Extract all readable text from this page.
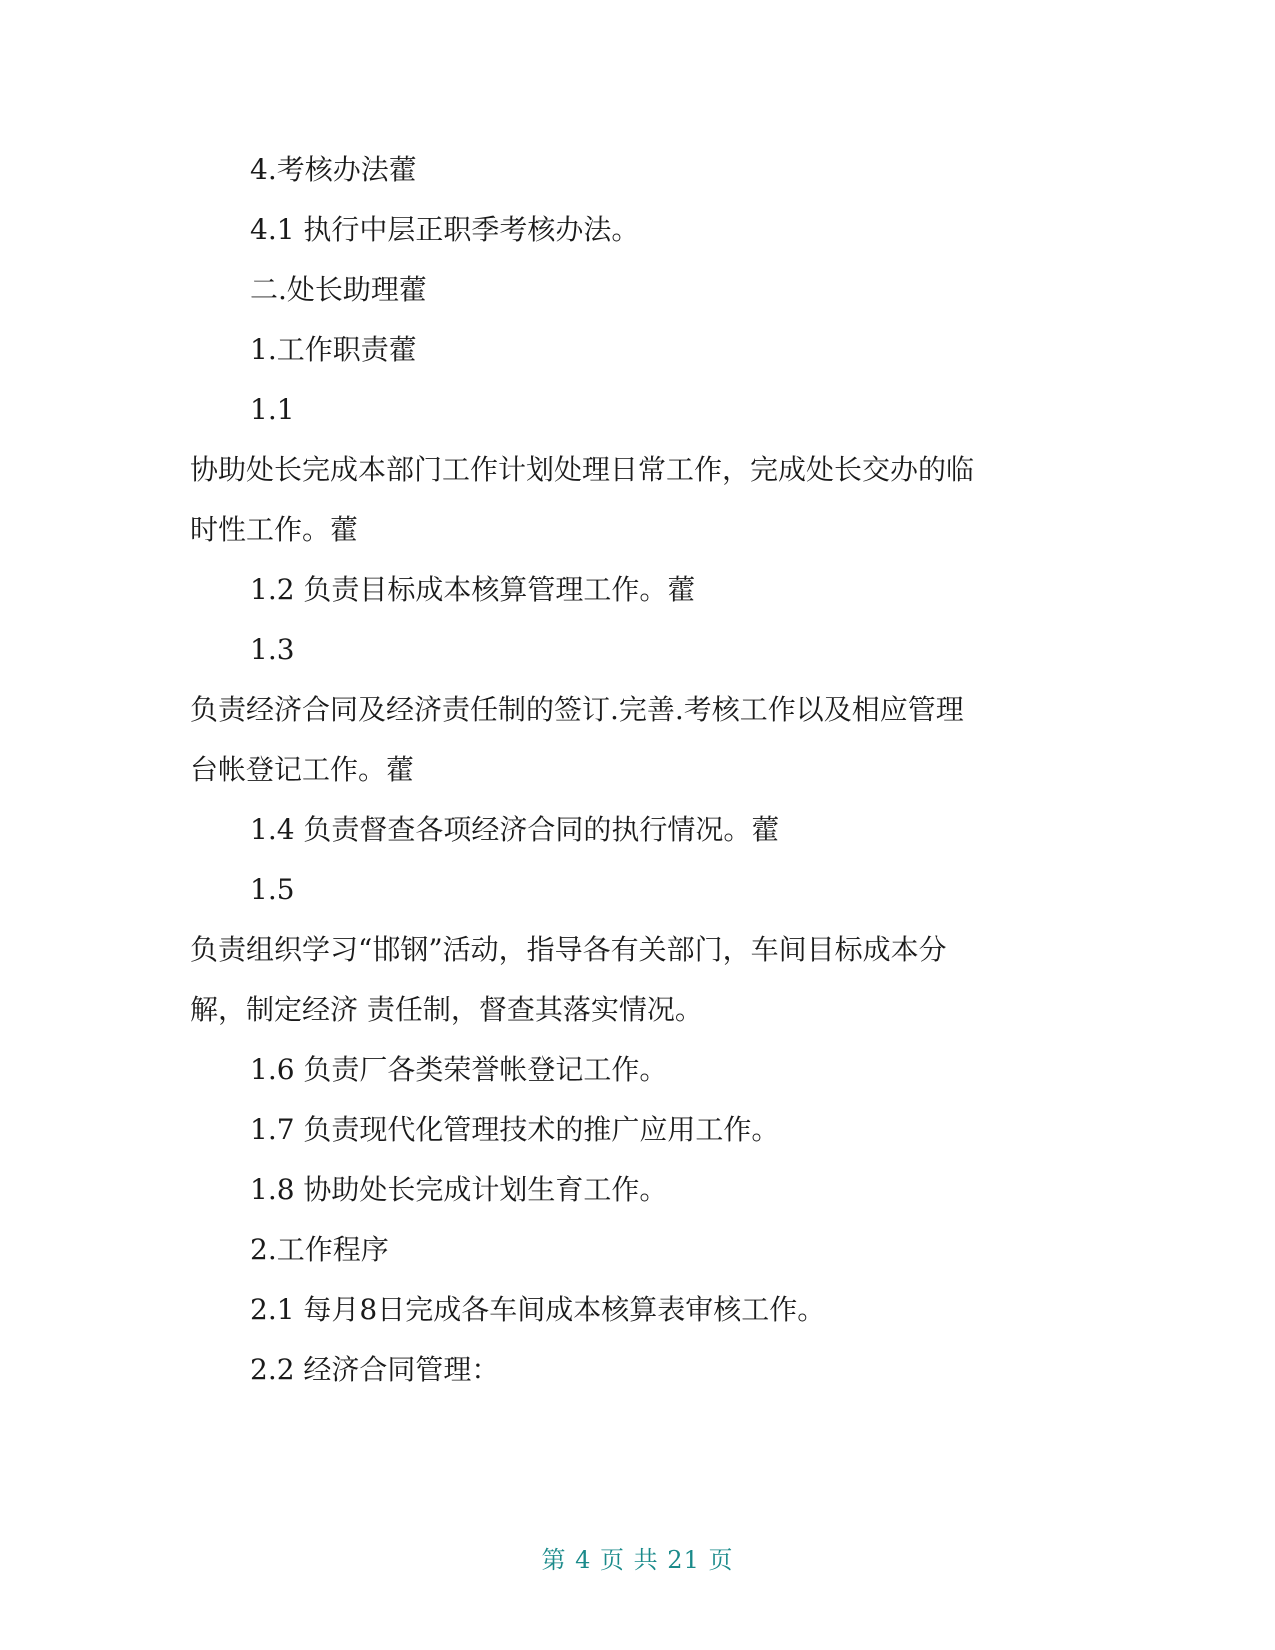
4.考核办法藿
4.1 执行中层正职季考核办法。
二.处长助理藿
1.工作职责藿
1.1
协助处长完成本部门工作计划处理日常工作，完成处长交办的临
时性工作。藿
1.2 负责目标成本核算管理工作。藿
1.3
负责经济合同及经济责任制的签订.完善.考核工作以及相应管理
台帐登记工作。藿
1.4 负责督查各项经济合同的执行情况。藿
1.5
负责组织学习“邯钢”活动，指导各有关部门，车间目标成本分
解，制定经济 责任制，督查其落实情况。
1.6 负责厂各类荣誉帐登记工作。
1.7 负责现代化管理技术的推广应用工作。
1.8 协助处长完成计划生育工作。
2.工作程序
2.1 每月8日完成各车间成本核算表审核工作。
2.2 经济合同管理：
第 4 页 共 21 页
